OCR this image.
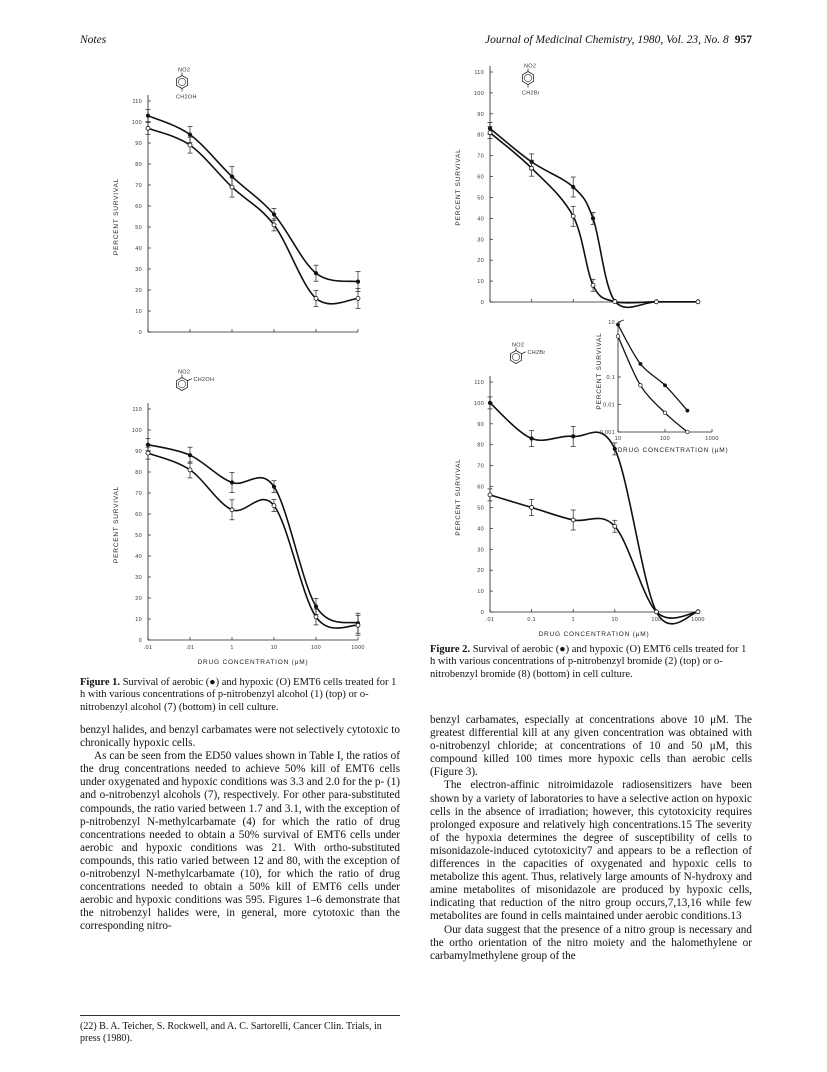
Notes	Journal of Medicinal Chemistry, 1980, Vol. 23, No. 8 957
110
100
90
80
70
60
50
40
30
20
10
0
PERCENT SURVIVAL
NO2
CH2OH
110
100
90
80
70
60
50
40
30
20
10
0
.01	.01	1	10	100	1000
DRUG CONCENTRATION (μM)
PERCENT SURVIVAL
NO2
CH2OH
110
100
90
80
70
60
50
40
30
20
10
0
PERCENT SURVIVAL
NO2
CH2Br
110
100
90
80
70
60
50
40
30
20
10
0
.01	0.1	1	10	100	1000
DRUG CONCENTRATION (μM)
PERCENT SURVIVAL
NO2
CH2Br
10
0.1
0.01
0.001
10	100	1000
DRUG CONCENTRATION (μM)
PERCENT SURVIVAL
Figure 1. Survival of aerobic (●) and hypoxic (O) EMT6 cells treated for 1 h with various concentrations of p-nitrobenzyl alcohol (1) (top) or o-nitrobenzyl alcohol (7) (bottom) in cell culture.
Figure 2. Survival of aerobic (●) and hypoxic (O) EMT6 cells treated for 1 h with various concentrations of p-nitrobenzyl bromide (2) (top) or o-nitrobenzyl bromide (8) (bottom) in cell culture.

benzyl halides, and benzyl carbamates were not selectively cytotoxic to chronically hypoxic cells.

As can be seen from the ED50 values shown in Table I, the ratios of the drug concentrations needed to achieve 50% kill of EMT6 cells under oxygenated and hypoxic conditions was 3.3 and 2.0 for the p- (1) and o-nitrobenzyl alcohols (7), respectively. For other para-substituted compounds, the ratio varied between 1.7 and 3.1, with the exception of p-nitrobenzyl N-methylcarbamate (4) for which the ratio of drug concentrations needed to obtain a 50% survival of EMT6 cells under aerobic and hypoxic conditions was 21. With ortho-substituted compounds, this ratio varied between 12 and 80, with the exception of o-nitrobenzyl N-methylcarbamate (10), for which the ratio of drug concentrations needed to obtain a 50% kill of EMT6 cells under aerobic and hypoxic conditions was 595. Figures 1–6 demonstrate that the nitrobenzyl halides were, in general, more cytotoxic than the corresponding nitro-

benzyl carbamates, especially at concentrations above 10 μM. The greatest differential kill at any given concentration was obtained with o-nitrobenzyl chloride; at concentrations of 10 and 50 μM, this compound killed 100 times more hypoxic cells than aerobic cells (Figure 3).

The electron-affinic nitroimidazole radiosensitizers have been shown by a variety of laboratories to have a selective action on hypoxic cells in the absence of irradiation; however, this cytotoxicity requires prolonged exposure and relatively high concentrations.15 The severity of the hypoxia determines the degree of susceptibility of cells to misonidazole-induced cytotoxicity7 and appears to be a reflection of differences in the capacities of oxygenated and hypoxic cells to metabolize this agent. Thus, relatively large amounts of N-hydroxy and amine metabolites of misonidazole are produced by hypoxic cells, indicating that reduction of the nitro group occurs,7,13,16 while few metabolites are found in cells maintained under aerobic conditions.13

Our data suggest that the presence of a nitro group is necessary and the ortho orientation of the nitro moiety and the halomethylene or carbamylmethylene group of the

(22) B. A. Teicher, S. Rockwell, and A. C. Sartorelli, Cancer Clin. Trials, in press (1980).
